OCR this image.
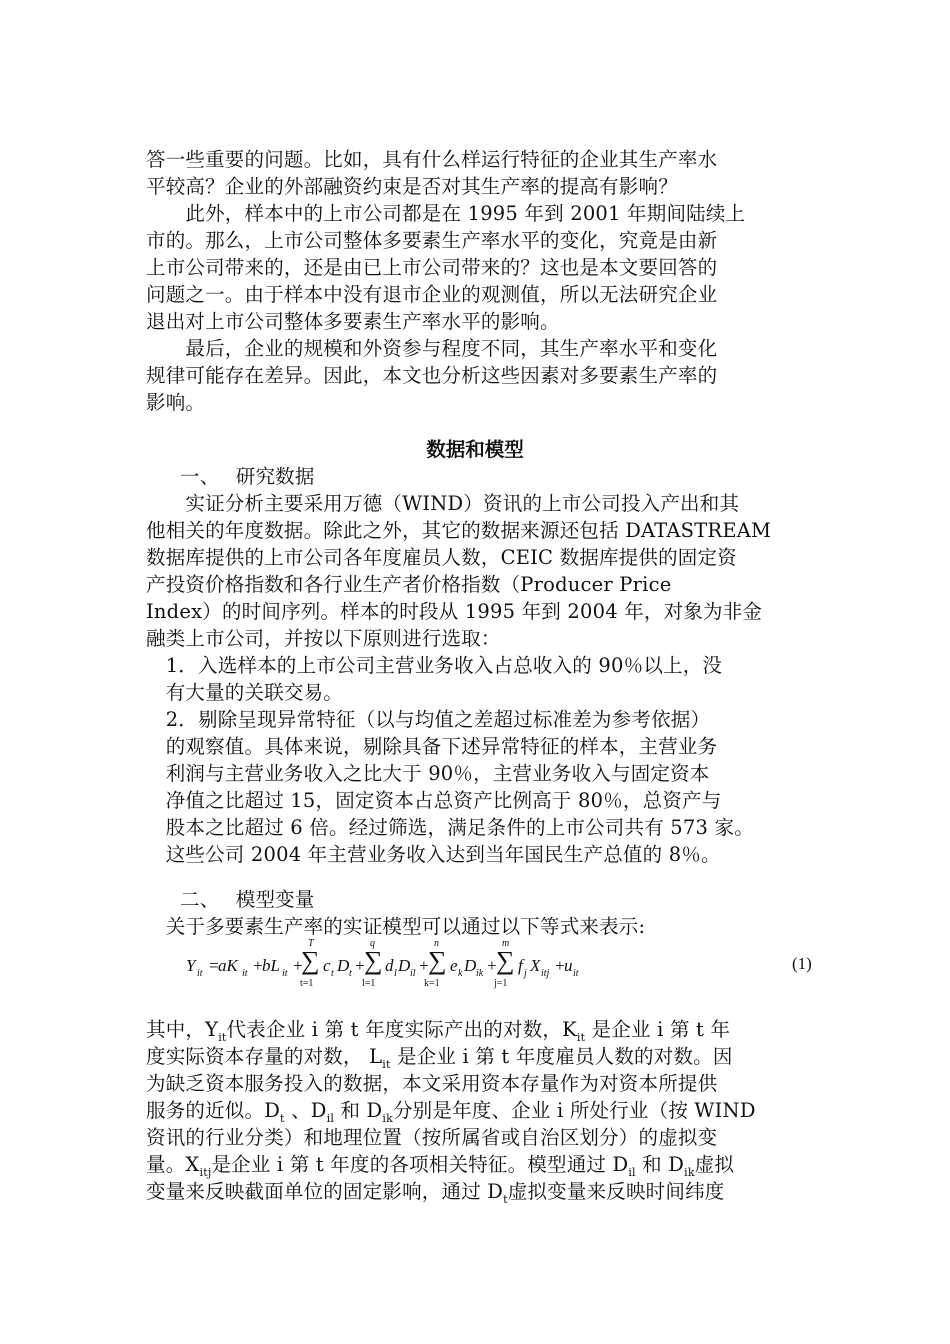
答一些重要的问题。比如，具有什么样运行特征的企业其生产率水
平较高？企业的外部融资约束是否对其生产率的提高有影响？
　　此外，样本中的上市公司都是在 1995 年到 2001 年期间陆续上
市的。那么，上市公司整体多要素生产率水平的变化，究竟是由新
上市公司带来的，还是由已上市公司带来的？这也是本文要回答的
问题之一。由于样本中没有退市企业的观测值，所以无法研究企业
退出对上市公司整体多要素生产率水平的影响。
　　最后，企业的规模和外资参与程度不同，其生产率水平和变化
规律可能存在差异。因此，本文也分析这些因素对多要素生产率的
影响。
数据和模型
一、　 研究数据
　　实证分析主要采用万德（WIND）资讯的上市公司投入产出和其
他相关的年度数据。除此之外，其它的数据来源还包括 DATASTREAM
数据库提供的上市公司各年度雇员人数，CEIC 数据库提供的固定资
产投资价格指数和各行业生产者价格指数（Producer Price
Index）的时间序列。样本的时段从 1995 年到 2004 年，对象为非金
融类上市公司，并按以下原则进行选取：
　1．入选样本的上市公司主营业务收入占总收入的 90％以上，没
　有大量的关联交易。
　2．剔除呈现异常特征（以与均值之差超过标准差为参考依据）
　的观察值。具体来说，剔除具备下述异常特征的样本，主营业务
　利润与主营业务收入之比大于 90％，主营业务收入与固定资本
　净值之比超过 15，固定资本占总资产比例高于 80％，总资产与
　股本之比超过 6 倍。经过筛选，满足条件的上市公司共有 573 家。
　这些公司 2004 年主营业务收入达到当年国民生产总值的 8％。
二、　 模型变量
　关于多要素生产率的实证模型可以通过以下等式来表示:
Y it =
aK it +
bL it +
T
∑
t=1
c t D t +
q
∑
l=1
d l D il +
n
∑
k=1
e k D ik +
m
∑
j=1
f j X itj +
u it
(1)
其中，$Y_{it}$代表企业 i 第 t 年度实际产出的对数，$K_{it}$ 是企业 i 第 t 年
度实际资本存量的对数， $L_{it}$ 是企业 i 第 t 年度雇员人数的对数。因
为缺乏资本服务投入的数据，本文采用资本存量作为对资本所提供
服务的近似。$D_t$ 、$D_{il}$ 和 $D_{ik}$分别是年度、企业 i 所处行业（按 WIND
资讯的行业分类）和地理位置（按所属省或自治区划分）的虚拟变
量。$X_{itj}$是企业 i 第 t 年度的各项相关特征。模型通过 $D_{il}$ 和 $D_{ik}$虚拟
变量来反映截面单位的固定影响，通过 $D_t$虚拟变量来反映时间纬度
